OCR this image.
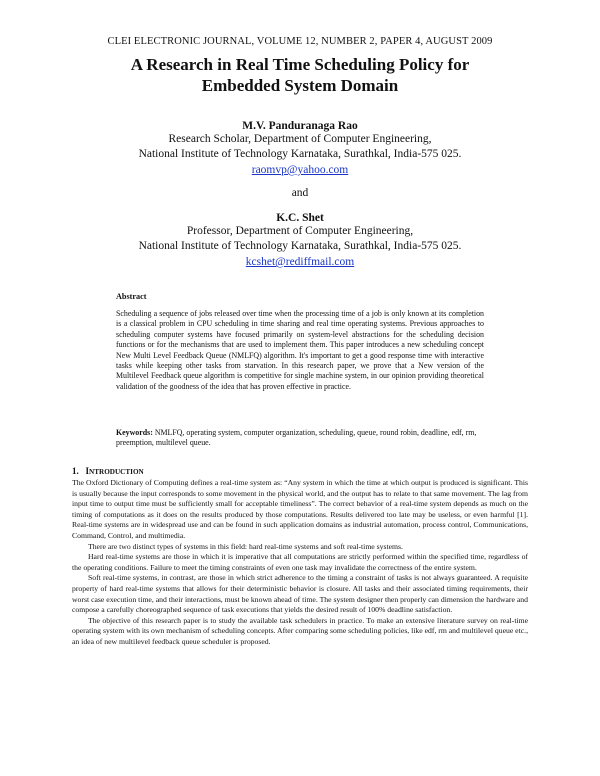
CLEI ELECTRONIC JOURNAL, VOLUME 12, NUMBER 2, PAPER 4, AUGUST 2009
A Research in Real Time Scheduling Policy for
Embedded System Domain
M.V. Panduranaga Rao
Research Scholar, Department of Computer Engineering,
National Institute of Technology Karnataka, Surathkal, India-575 025.
raomvp@yahoo.com
and
K.C. Shet
Professor, Department of Computer Engineering,
National Institute of Technology Karnataka, Surathkal, India-575 025.
kcshet@rediffmail.com
Abstract
Scheduling a sequence of jobs released over time when the processing time of a job is only known at its completion is a classical problem in CPU scheduling in time sharing and real time operating systems. Previous approaches to scheduling computer systems have focused primarily on system-level abstractions for the scheduling decision functions or for the mechanisms that are used to implement them. This paper introduces a new scheduling concept New Multi Level Feedback Queue (NMLFQ) algorithm. It's important to get a good response time with interactive tasks while keeping other tasks from starvation. In this research paper, we prove that a New version of the Multilevel Feedback queue algorithm is competitive for single machine system, in our opinion providing theoretical validation of the goodness of the idea that has proven effective in practice.
Keywords: NMLFQ, operating system, computer organization, scheduling, queue, round robin, deadline, edf, rm, preemption, multilevel queue.
1. INTRODUCTION

The Oxford Dictionary of Computing defines a real-time system as: “Any system in which the time at which output is produced is significant. This is usually because the input corresponds to some movement in the physical world, and the output has to relate to that same movement. The lag from input time to output time must be sufficiently small for acceptable timeliness”. The correct behavior of a real-time system depends as much on the timing of computations as it does on the results produced by those computations. Results delivered too late may be useless, or even harmful [1]. Real-time systems are in widespread use and can be found in such application domains as industrial automation, process control, Communications, Command, Control, and multimedia.

There are two distinct types of systems in this field: hard real-time systems and soft real-time systems.

Hard real-time systems are those in which it is imperative that all computations are strictly performed within the specified time, regardless of the operating conditions. Failure to meet the timing constraints of even one task may invalidate the correctness of the entire system.

Soft real-time systems, in contrast, are those in which strict adherence to the timing a constraint of tasks is not always guaranteed. A requisite property of hard real-time systems that allows for their deterministic behavior is closure. All tasks and their associated timing requirements, their worst case execution time, and their interactions, must be known ahead of time. The system designer then properly can dimension the hardware and compose a carefully choreographed sequence of task executions that yields the desired result of 100% deadline satisfaction.

The objective of this research paper is to study the available task schedulers in practice. To make an extensive literature survey on real-time operating system with its own mechanism of scheduling concepts. After comparing some scheduling policies, like edf, rm and multilevel queue etc., an idea of new multilevel feedback queue scheduler is proposed.
